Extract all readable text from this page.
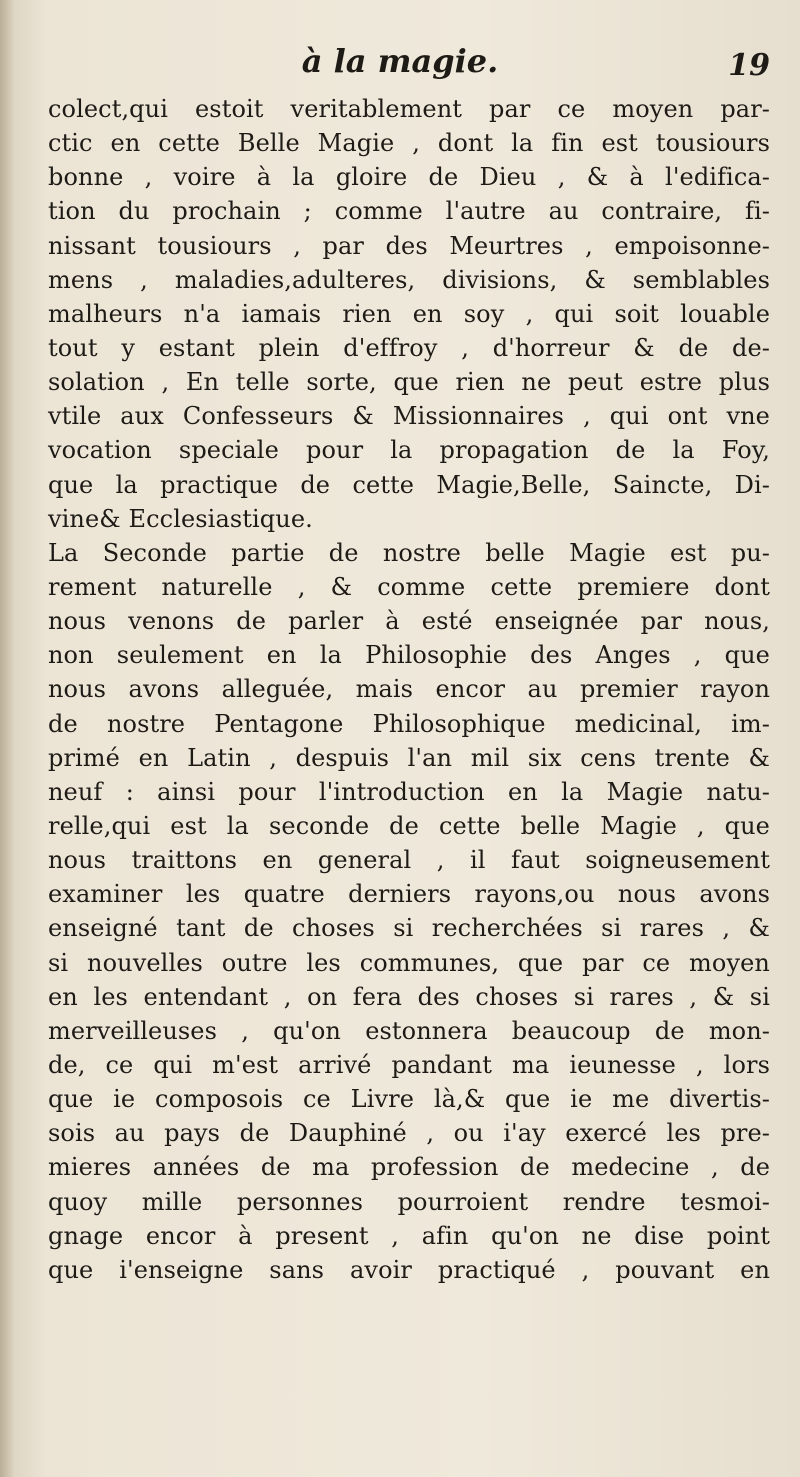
à la magie.	19
colect,qui estoit veritablement par ce moyen par-
ctic en cette Belle Magie , dont la fin est tousiours
bonne , voire à la gloire de Dieu , & à l'edifica-
tion du prochain ; comme l'autre au contraire, fi-
nissant tousiours , par des Meurtres , empoisonne-
mens , maladies,adulteres, divisions, & semblables
malheurs n'a iamais rien en soy , qui soit louable
tout y estant plein d'effroy , d'horreur & de de-
solation , En telle sorte, que rien ne peut estre plus
vtile aux Confesseurs & Missionnaires , qui ont vne
vocation speciale pour la propagation de la Foy,
que la practique de cette Magie,Belle, Saincte, Di-
vine& Ecclesiastique.
La Seconde partie de nostre belle Magie est pu-
rement naturelle , & comme cette premiere dont
nous venons de parler à esté enseignée par nous,
non seulement en la Philosophie des Anges , que
nous avons alleguée, mais encor au premier rayon
de nostre Pentagone Philosophique medicinal, im-
primé en Latin , despuis l'an mil six cens trente &
neuf : ainsi pour l'introduction en la Magie natu-
relle,qui est la seconde de cette belle Magie , que
nous traittons en general , il faut soigneusement
examiner les quatre derniers rayons,ou nous avons
enseigné tant de choses si recherchées si rares , &
si nouvelles outre les communes, que par ce moyen
en les entendant , on fera des choses si rares , & si
merveilleuses , qu'on estonnera beaucoup de mon-
de, ce qui m'est arrivé pandant ma ieunesse , lors
que ie composois ce Livre là,& que ie me divertis-
sois au pays de Dauphiné , ou i'ay exercé les pre-
mieres années de ma profession de medecine , de
quoy mille personnes pourroient rendre tesmoi-
gnage encor à present , afin qu'on ne dise point
que i'enseigne sans avoir practiqué , pouvant en
